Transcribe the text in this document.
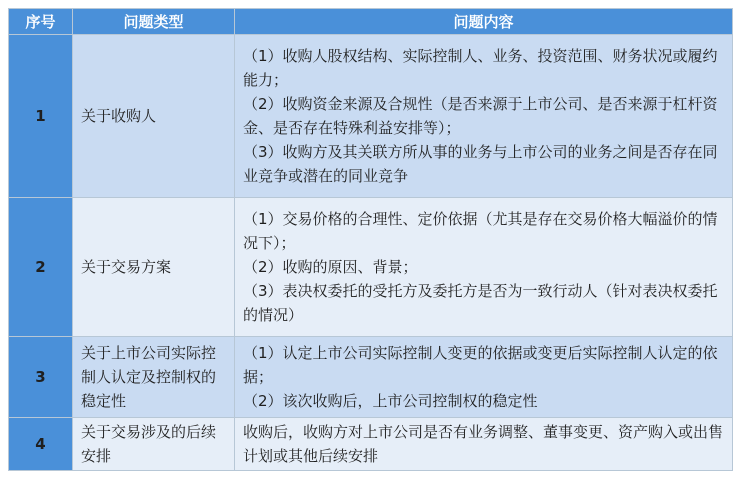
序号	问题类型	问题内容
1	关于收购人	（1）收购人股权结构、实际控制人、业务、投资范围、财务状况或履约能力；
（2）收购资金来源及合规性（是否来源于上市公司、是否来源于杠杆资金、是否存在特殊利益安排等）；
（3）收购方及其关联方所从事的业务与上市公司的业务之间是否存在同业竞争或潜在的同业竞争

2	关于交易方案	（1）交易价格的合理性、定价依据（尤其是存在交易价格大幅溢价的情况下）；
（2）收购的原因、背景；
（3）表决权委托的受托方及委托方是否为一致行动人（针对表决权委托的情况）

3	关于上市公司实际控制人认定及控制权的稳定性	（1）认定上市公司实际控制人变更的依据或变更后实际控制人认定的依据；
（2）该次收购后，上市公司控制权的稳定性

4	关于交易涉及的后续安排	收购后，收购方对上市公司是否有业务调整、董事变更、资产购入或出售计划或其他后续安排
